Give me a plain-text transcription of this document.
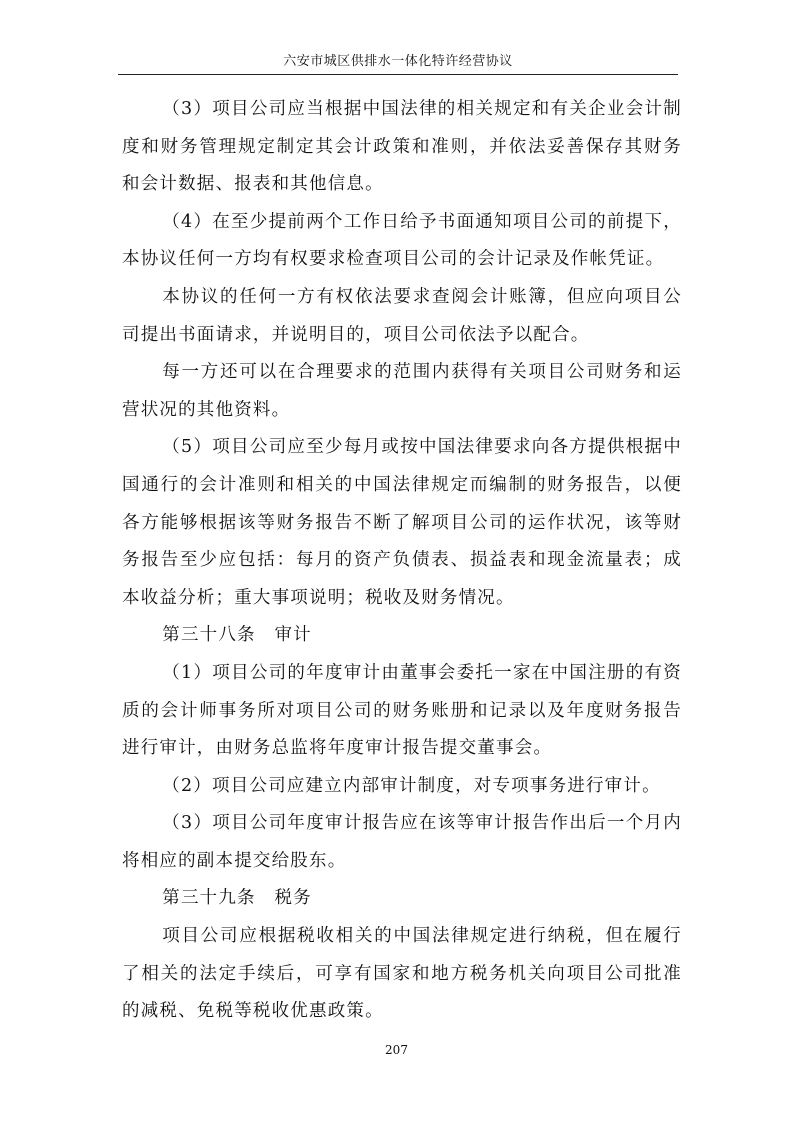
六安市城区供排水一体化特许经营协议

（3）项目公司应当根据中国法律的相关规定和有关企业会计制度和财务管理规定制定其会计政策和准则，并依法妥善保存其财务和会计数据、报表和其他信息。

（4）在至少提前两个工作日给予书面通知项目公司的前提下，本协议任何一方均有权要求检查项目公司的会计记录及作帐凭证。

本协议的任何一方有权依法要求查阅会计账簿，但应向项目公司提出书面请求，并说明目的，项目公司依法予以配合。

每一方还可以在合理要求的范围内获得有关项目公司财务和运营状况的其他资料。

（5）项目公司应至少每月或按中国法律要求向各方提供根据中国通行的会计准则和相关的中国法律规定而编制的财务报告，以便各方能够根据该等财务报告不断了解项目公司的运作状况，该等财务报告至少应包括：每月的资产负债表、损益表和现金流量表；成本收益分析；重大事项说明；税收及财务情况。

第三十八条　审计

（1）项目公司的年度审计由董事会委托一家在中国注册的有资质的会计师事务所对项目公司的财务账册和记录以及年度财务报告进行审计，由财务总监将年度审计报告提交董事会。

（2）项目公司应建立内部审计制度，对专项事务进行审计。

（3）项目公司年度审计报告应在该等审计报告作出后一个月内将相应的副本提交给股东。

第三十九条　税务

项目公司应根据税收相关的中国法律规定进行纳税，但在履行了相关的法定手续后，可享有国家和地方税务机关向项目公司批准的减税、免税等税收优惠政策。

207
